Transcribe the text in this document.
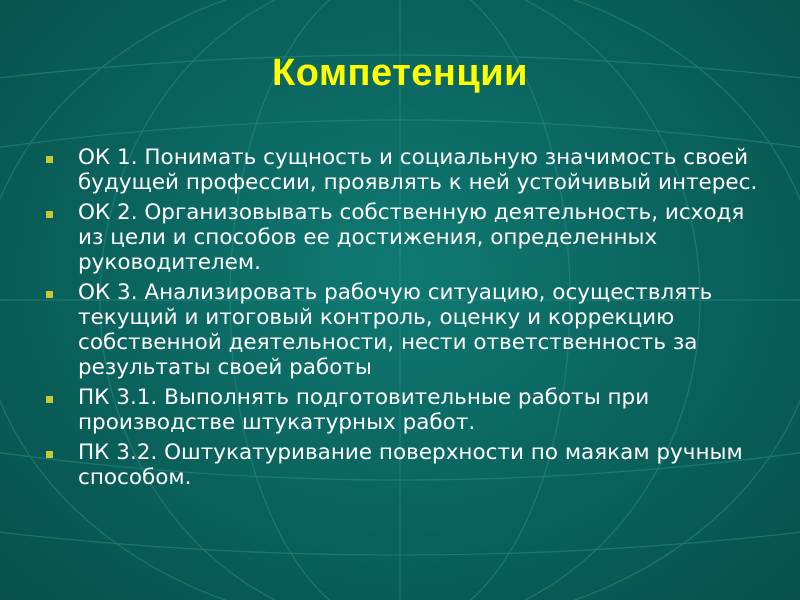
Компетенции
ОК 1. Понимать сущность и социальную значимость своей будущей профессии, проявлять к ней устойчивый интерес.
ОК 2. Организовывать собственную деятельность, исходя из цели и способов ее достижения, определенных руководителем.
ОК 3. Анализировать рабочую ситуацию, осуществлять текущий и итоговый контроль, оценку и коррекцию собственной деятельности, нести ответственность за результаты своей работы
ПК 3.1. Выполнять подготовительные работы при производстве штукатурных работ.
ПК 3.2. Оштукатуривание поверхности по маякам ручным способом.
